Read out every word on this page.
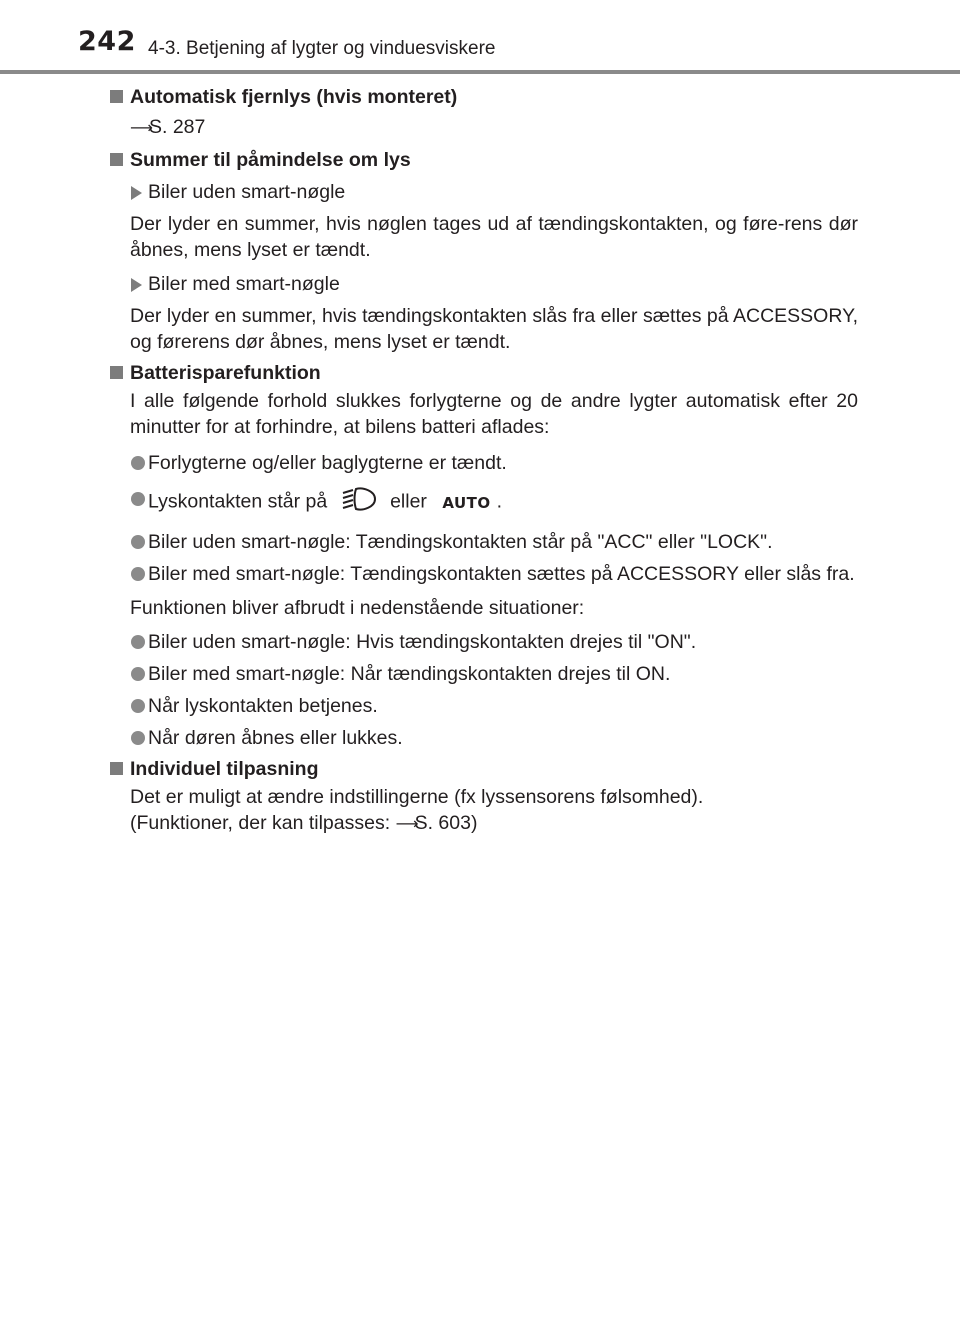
242 4-3. Betjening af lygter og vinduesviskere

Automatisk fjernlys (hvis monteret)

⟶S. 287

Summer til påmindelse om lys

Biler uden smart-nøgle

Der lyder en summer, hvis nøglen tages ud af tændingskontakten, og føre-rens dør åbnes, mens lyset er tændt.

Biler med smart-nøgle

Der lyder en summer, hvis tændingskontakten slås fra eller sættes på ACCESSORY, og førerens dør åbnes, mens lyset er tændt.

Batterisparefunktion

I alle følgende forhold slukkes forlygterne og de andre lygter automatisk efter 20 minutter for at forhindre, at bilens batteri aflades:

Forlygterne og/eller baglygterne er tændt.

Lyskontakten står på	eller AUTO .

Biler uden smart-nøgle: Tændingskontakten står på "ACC" eller "LOCK".

Biler med smart-nøgle: Tændingskontakten sættes på ACCESSORY eller slås fra.

Funktionen bliver afbrudt i nedenstående situationer:

Biler uden smart-nøgle: Hvis tændingskontakten drejes til "ON".

Biler med smart-nøgle: Når tændingskontakten drejes til ON.

Når lyskontakten betjenes.

Når døren åbnes eller lukkes.

Individuel tilpasning

Det er muligt at ændre indstillingerne (fx lyssensorens følsomhed).
(Funktioner, der kan tilpasses: ⟶S. 603)
